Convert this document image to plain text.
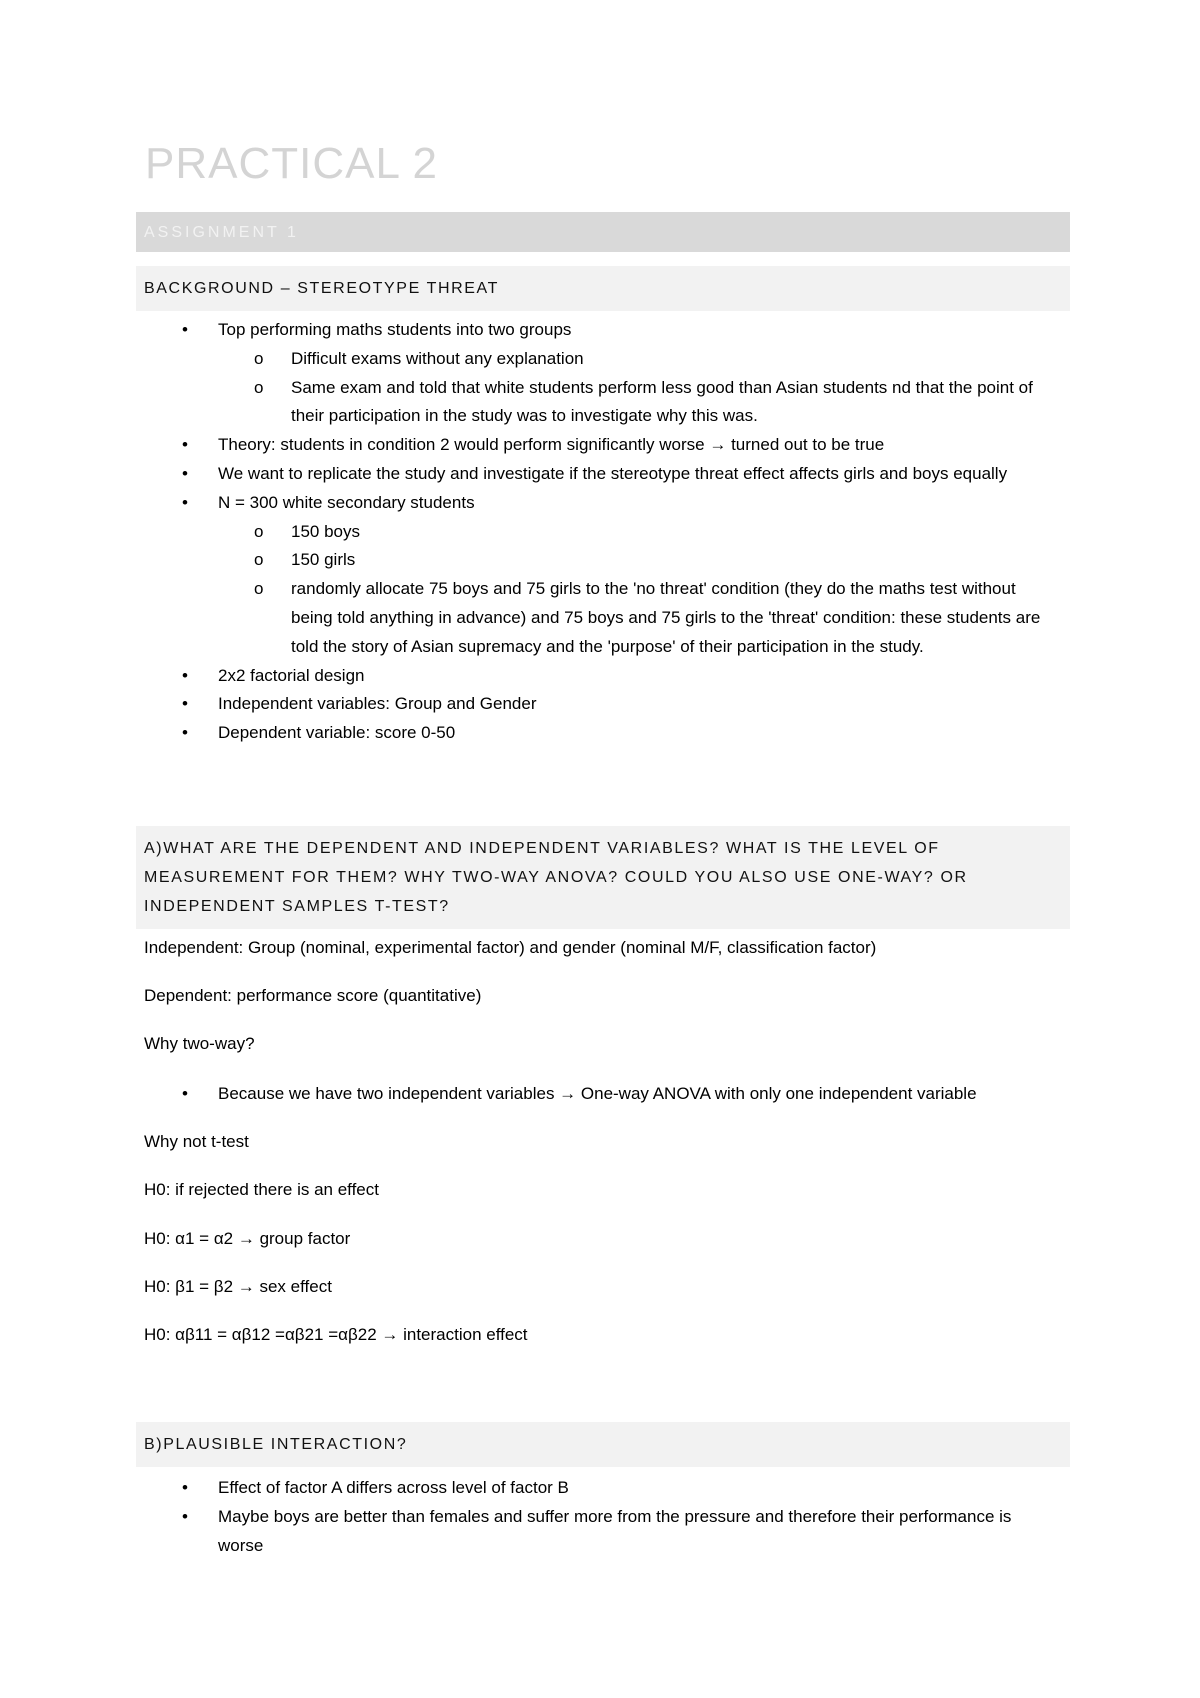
PRACTICAL 2
ASSIGNMENT 1
BACKGROUND – STEREOTYPE THREAT
• Top performing maths students into two groups
o Difficult exams without any explanation
o Same exam and told that white students perform less good than Asian students nd that the point of their participation in the study was to investigate why this was.
• Theory: students in condition 2 would perform significantly worse → turned out to be true
• We want to replicate the study and investigate if the stereotype threat effect affects girls and boys equally
• N = 300 white secondary students
o 150 boys
o 150 girls
o randomly allocate 75 boys and 75 girls to the 'no threat' condition (they do the maths test without being told anything in advance) and 75 boys and 75 girls to the 'threat' condition: these students are told the story of Asian supremacy and the 'purpose' of their participation in the study.
• 2x2 factorial design
• Independent variables: Group and Gender
• Dependent variable: score 0-50
A)WHAT ARE THE DEPENDENT AND INDEPENDENT VARIABLES? WHAT IS THE LEVEL OF MEASUREMENT FOR THEM? WHY TWO-WAY ANOVA? COULD YOU ALSO USE ONE-WAY? OR INDEPENDENT SAMPLES T-TEST?
Independent: Group (nominal, experimental factor) and gender (nominal M/F, classification factor)
Dependent: performance score (quantitative)
Why two-way?
• Because we have two independent variables → One-way ANOVA with only one independent variable
Why not t-test
H0: if rejected there is an effect
H0: α1 = α2 → group factor
H0: β1 = β2 → sex effect
H0: αβ11 = αβ12 =αβ21 =αβ22 → interaction effect
B)PLAUSIBLE INTERACTION?
• Effect of factor A differs across level of factor B
• Maybe boys are better than females and suffer more from the pressure and therefore their performance is worse
